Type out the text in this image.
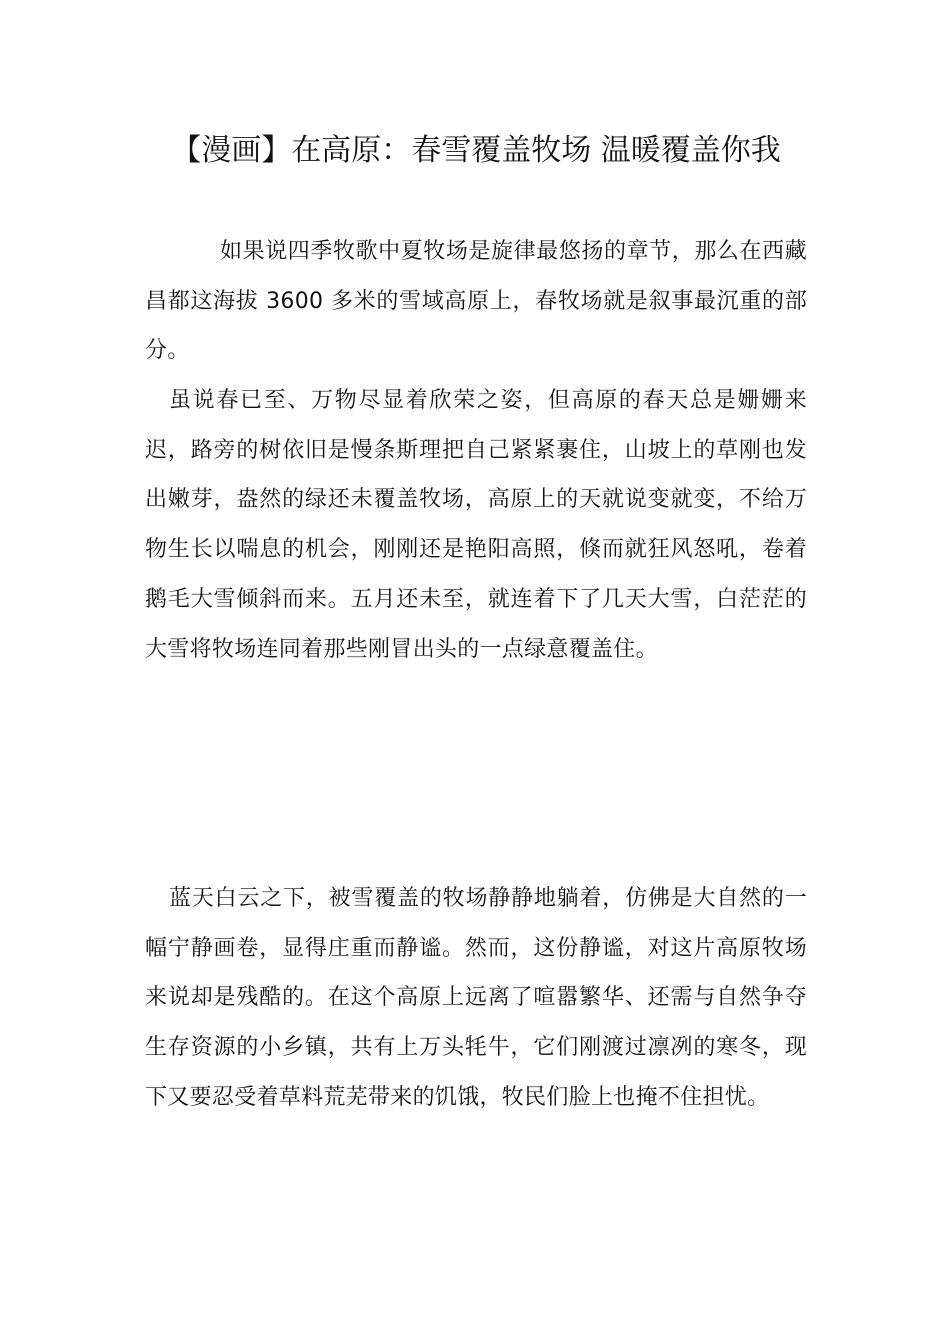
【漫画】在高原：春雪覆盖牧场 温暖覆盖你我

如果说四季牧歌中夏牧场是旋律最悠扬的章节，那么在西藏昌都这海拔 3600 多米的雪域高原上，春牧场就是叙事最沉重的部分。

虽说春已至、万物尽显着欣荣之姿，但高原的春天总是姗姗来迟，路旁的树依旧是慢条斯理把自己紧紧裹住，山坡上的草刚也发出嫩芽，盎然的绿还未覆盖牧场，高原上的天就说变就变，不给万物生长以喘息的机会，刚刚还是艳阳高照，倏而就狂风怒吼，卷着鹅毛大雪倾斜而来。五月还未至，就连着下了几天大雪，白茫茫的大雪将牧场连同着那些刚冒出头的一点绿意覆盖住。

蓝天白云之下，被雪覆盖的牧场静静地躺着，仿佛是大自然的一幅宁静画卷，显得庄重而静谧。然而，这份静谧，对这片高原牧场来说却是残酷的。在这个高原上远离了喧嚣繁华、还需与自然争夺生存资源的小乡镇，共有上万头牦牛，它们刚渡过凛冽的寒冬，现下又要忍受着草料荒芜带来的饥饿，牧民们脸上也掩不住担忧。
